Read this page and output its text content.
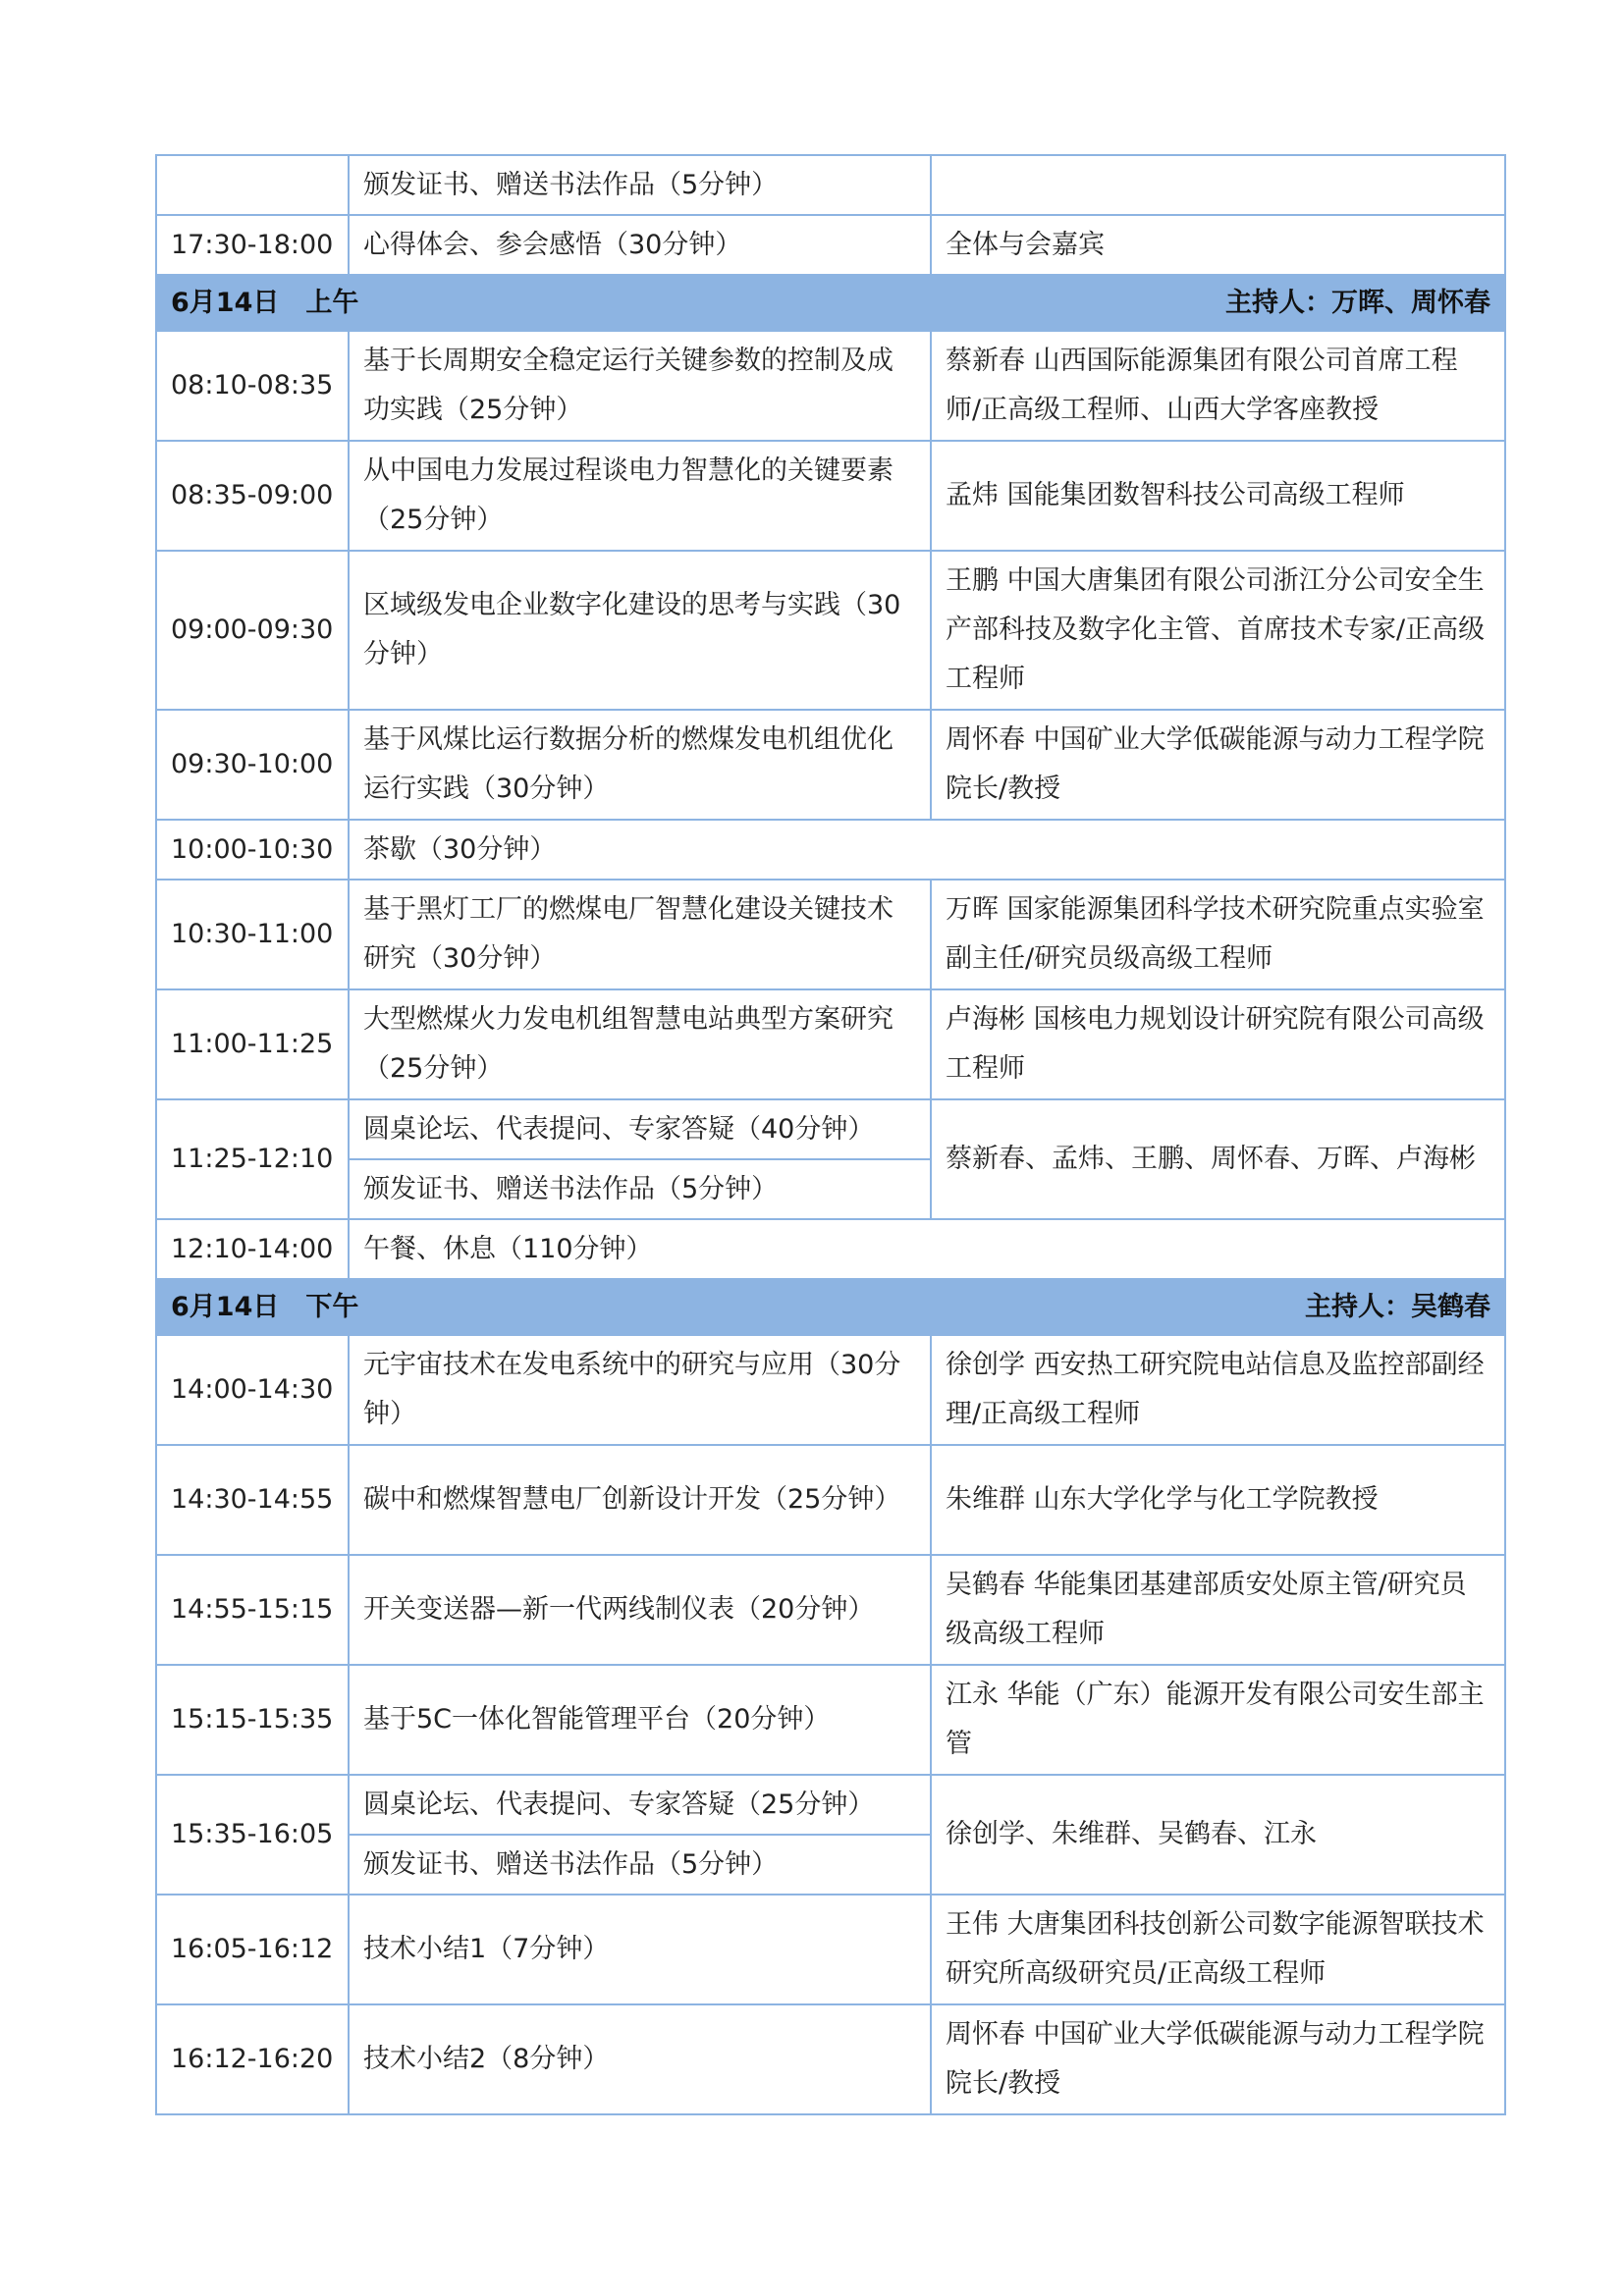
	颁发证书、赠送书法作品（5分钟）	
17:30-18:00	心得体会、参会感悟（30分钟）	全体与会嘉宾
6月14日　上午		主持人：万晖、周怀春
08:10-08:35	基于长周期安全稳定运行关键参数的控制及成功实践（25分钟）	蔡新春 山西国际能源集团有限公司首席工程师/正高级工程师、山西大学客座教授
08:35-09:00	从中国电力发展过程谈电力智慧化的关键要素（25分钟）	孟炜 国能集团数智科技公司高级工程师
09:00-09:30	区域级发电企业数字化建设的思考与实践（30分钟）	王鹏 中国大唐集团有限公司浙江分公司安全生产部科技及数字化主管、首席技术专家/正高级工程师
09:30-10:00	基于风煤比运行数据分析的燃煤发电机组优化运行实践（30分钟）	周怀春 中国矿业大学低碳能源与动力工程学院院长/教授
10:00-10:30	茶歇（30分钟）	
10:30-11:00	基于黑灯工厂的燃煤电厂智慧化建设关键技术研究（30分钟）	万晖 国家能源集团科学技术研究院重点实验室副主任/研究员级高级工程师
11:00-11:25	大型燃煤火力发电机组智慧电站典型方案研究（25分钟）	卢海彬 国核电力规划设计研究院有限公司高级工程师
11:25-12:10	圆桌论坛、代表提问、专家答疑（40分钟）	蔡新春、孟炜、王鹏、周怀春、万晖、卢海彬
	颁发证书、赠送书法作品（5分钟）	
12:10-14:00	午餐、休息（110分钟）	
6月14日　下午		主持人：吴鹤春
14:00-14:30	元宇宙技术在发电系统中的研究与应用（30分钟）	徐创学 西安热工研究院电站信息及监控部副经理/正高级工程师
14:30-14:55	碳中和燃煤智慧电厂创新设计开发（25分钟）	朱维群 山东大学化学与化工学院教授
14:55-15:15	开关变送器—新一代两线制仪表（20分钟）	吴鹤春 华能集团基建部质安处原主管/研究员级高级工程师
15:15-15:35	基于5C一体化智能管理平台（20分钟）	江永 华能（广东）能源开发有限公司安生部主管
15:35-16:05	圆桌论坛、代表提问、专家答疑（25分钟）	徐创学、朱维群、吴鹤春、江永
	颁发证书、赠送书法作品（5分钟）	
16:05-16:12	技术小结1（7分钟）	王伟 大唐集团科技创新公司数字能源智联技术研究所高级研究员/正高级工程师
16:12-16:20	技术小结2（8分钟）	周怀春 中国矿业大学低碳能源与动力工程学院院长/教授
